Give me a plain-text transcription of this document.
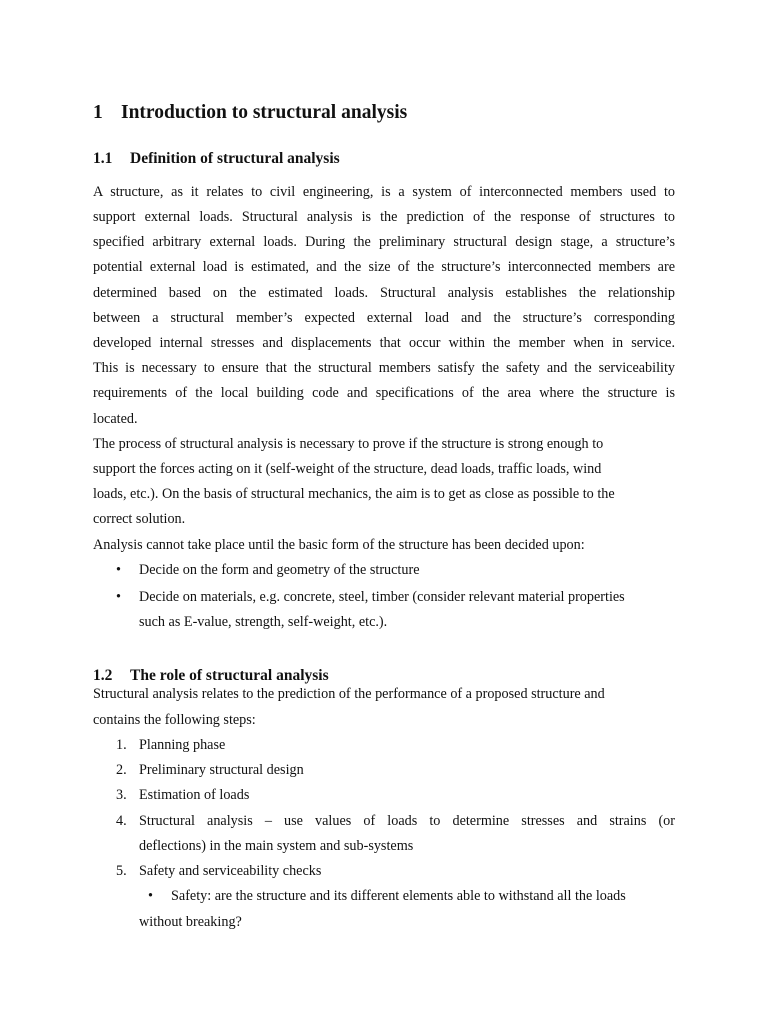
1 Introduction to structural analysis
1.1 Definition of structural analysis
A structure, as it relates to civil engineering, is a system of interconnected members used to
support external loads. Structural analysis is the prediction of the response of structures to
specified arbitrary external loads. During the preliminary structural design stage, a structure’s
potential external load is estimated, and the size of the structure’s interconnected members are
determined based on the estimated loads. Structural analysis establishes the relationship
between a structural member’s expected external load and the structure’s corresponding
developed internal stresses and displacements that occur within the member when in service.
This is necessary to ensure that the structural members satisfy the safety and the serviceability
requirements of the local building code and specifications of the area where the structure is
located.
The process of structural analysis is necessary to prove if the structure is strong enough to
support the forces acting on it (self-weight of the structure, dead loads, traffic loads, wind
loads, etc.). On the basis of structural mechanics, the aim is to get as close as possible to the
correct solution.
Analysis cannot take place until the basic form of the structure has been decided upon:
• Decide on the form and geometry of the structure
• Decide on materials, e.g. concrete, steel, timber (consider relevant material properties
such as E-value, strength, self-weight, etc.).
1.2 The role of structural analysis
Structural analysis relates to the prediction of the performance of a proposed structure and
contains the following steps:
1. Planning phase
2. Preliminary structural design
3. Estimation of loads
4. Structural analysis – use values of loads to determine stresses and strains (or
deflections) in the main system and sub-systems
5. Safety and serviceability checks
• Safety: are the structure and its different elements able to withstand all the loads
without breaking?
